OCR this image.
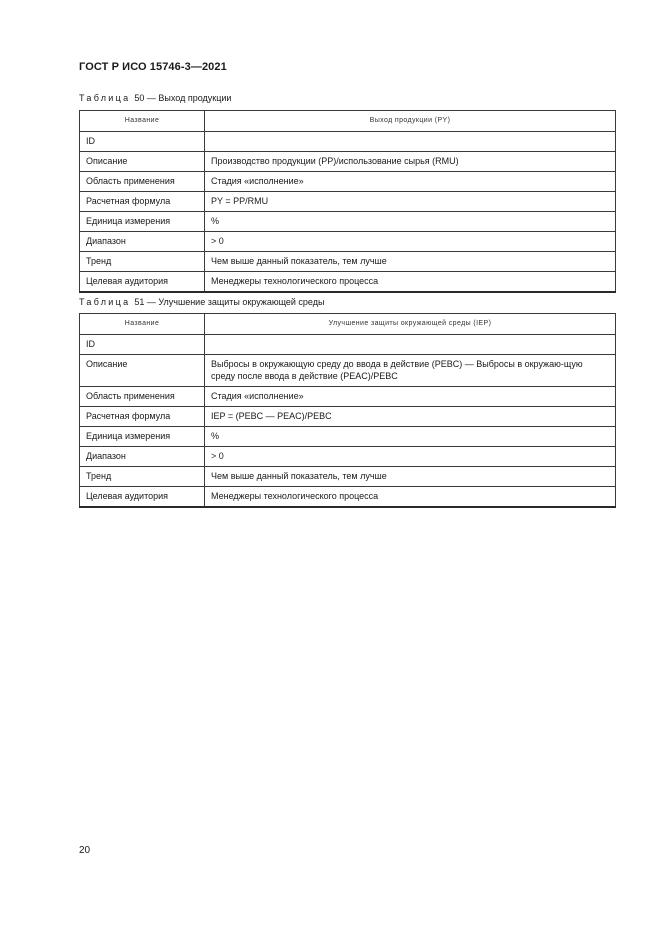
ГОСТ Р ИСО 15746-3—2021
Таблица 50 — Выход продукции
Название	Выход продукции (PY)
ID	
Описание	Производство продукции (PP)/использование сырья (RMU)
Область применения	Стадия «исполнение»
Расчетная формула	PY = PP/RMU
Единица измерения	%
Диапазон	> 0
Тренд	Чем выше данный показатель, тем лучше
Целевая аудитория	Менеджеры технологического процесса
Таблица 51 — Улучшение защиты окружающей среды
Название	Улучшение защиты окружающей среды (IEP)
ID	
Описание	Выбросы в окружающую среду до ввода в действие (PEBC) — Выбросы в окружаю-щую среду после ввода в действие (PEAC)/PEBC
Область применения	Стадия «исполнение»
Расчетная формула	IEP = (PEBC — PEAC)/PEBC
Единица измерения	%
Диапазон	> 0
Тренд	Чем выше данный показатель, тем лучше
Целевая аудитория	Менеджеры технологического процесса
20
